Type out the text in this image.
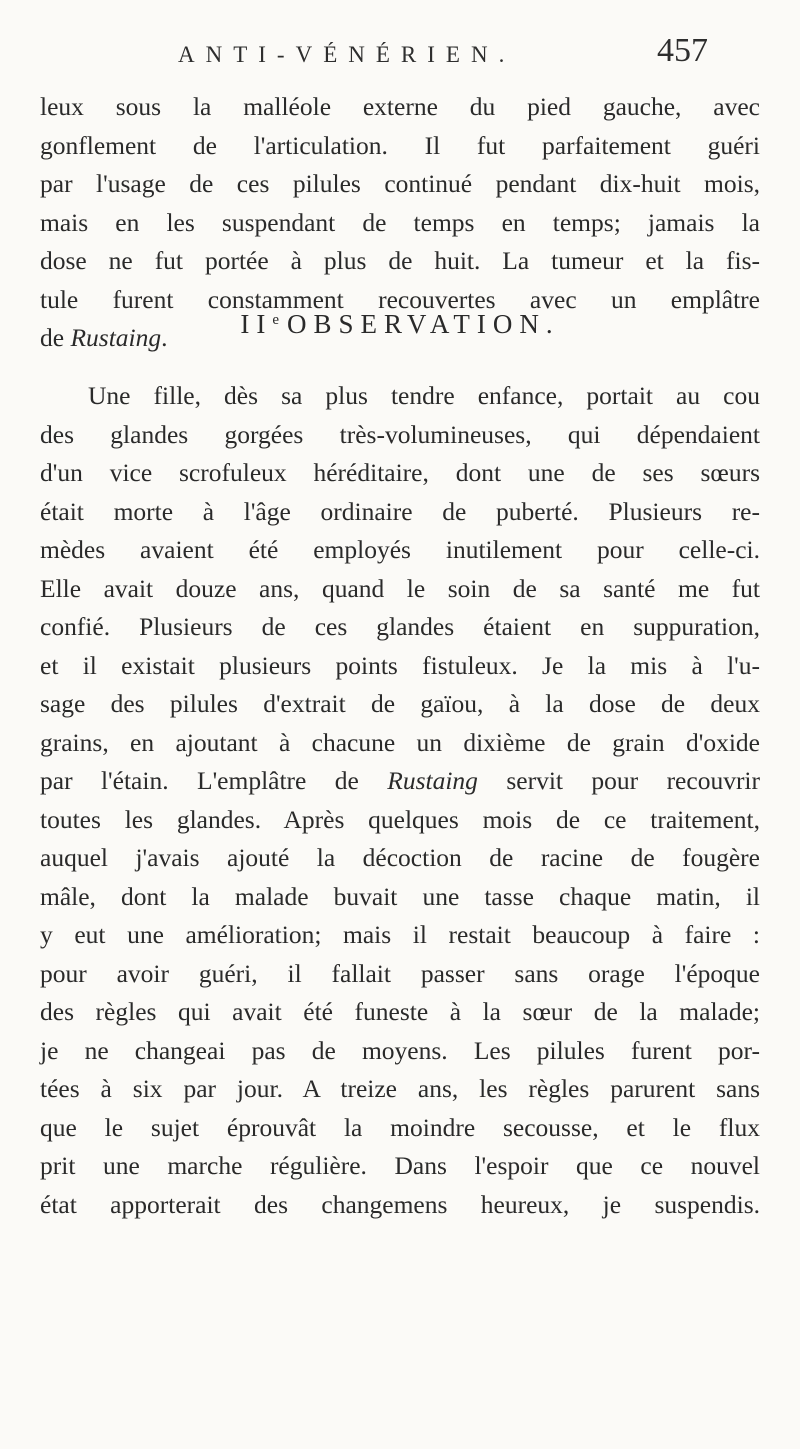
ANTI-VÉNÉRIEN.	457
leux sous la malléole externe du pied gauche, avec
gonflement de l'articulation. Il fut parfaitement guéri
par l'usage de ces pilules continué pendant dix-huit mois,
mais en les suspendant de temps en temps; jamais la
dose ne fut portée à plus de huit. La tumeur et la fis-
tule furent constamment recouvertes avec un emplâtre
de Rustaing.	IIe OBSERVATION.
Une fille, dès sa plus tendre enfance, portait au cou
des glandes gorgées très-volumineuses, qui dépendaient
d'un vice scrofuleux héréditaire, dont une de ses sœurs
était morte à l'âge ordinaire de puberté. Plusieurs re-
mèdes avaient été employés inutilement pour celle-ci.
Elle avait douze ans, quand le soin de sa santé me fut
confié. Plusieurs de ces glandes étaient en suppuration,
et il existait plusieurs points fistuleux. Je la mis à l'u-
sage des pilules d'extrait de gaïou, à la dose de deux
grains, en ajoutant à chacune un dixième de grain d'oxide
par l'étain. L'emplâtre de Rustaing servit pour recouvrir
toutes les glandes. Après quelques mois de ce traitement,
auquel j'avais ajouté la décoction de racine de fougère
mâle, dont la malade buvait une tasse chaque matin, il
y eut une amélioration; mais il restait beaucoup à faire :
pour avoir guéri, il fallait passer sans orage l'époque
des règles qui avait été funeste à la sœur de la malade;
je ne changeai pas de moyens. Les pilules furent por-
tées à six par jour. A treize ans, les règles parurent sans
que le sujet éprouvât la moindre secousse, et le flux
prit une marche régulière. Dans l'espoir que ce nouvel
état apporterait des changemens heureux, je suspendis.
